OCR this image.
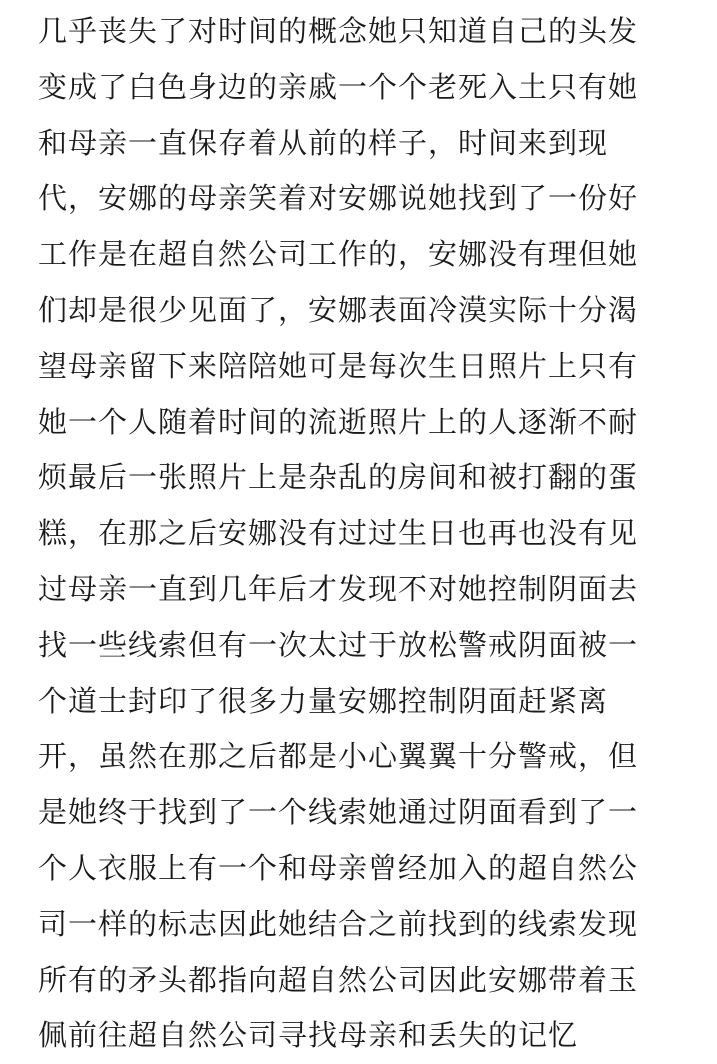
几乎丧失了对时间的概念她只知道自己的头发
变成了白色身边的亲戚一个个老死入土只有她
和母亲一直保存着从前的样子，时间来到现
代，安娜的母亲笑着对安娜说她找到了一份好
工作是在超自然公司工作的，安娜没有理但她
们却是很少见面了，安娜表面冷漠实际十分渴
望母亲留下来陪陪她可是每次生日照片上只有
她一个人随着时间的流逝照片上的人逐渐不耐
烦最后一张照片上是杂乱的房间和被打翻的蛋
糕，在那之后安娜没有过过生日也再也没有见
过母亲一直到几年后才发现不对她控制阴面去
找一些线索但有一次太过于放松警戒阴面被一
个道士封印了很多力量安娜控制阴面赶紧离
开，虽然在那之后都是小心翼翼十分警戒，但
是她终于找到了一个线索她通过阴面看到了一
个人衣服上有一个和母亲曾经加入的超自然公
司一样的标志因此她结合之前找到的线索发现
所有的矛头都指向超自然公司因此安娜带着玉
佩前往超自然公司寻找母亲和丢失的记忆
